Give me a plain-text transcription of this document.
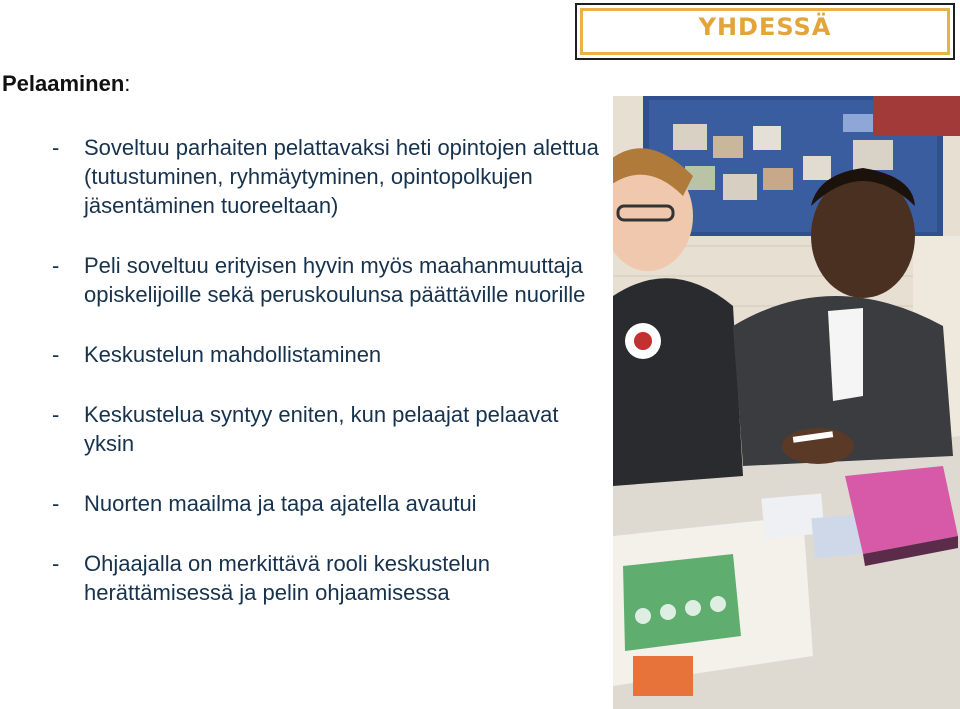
YHDESSÄ
Pelaaminen:
- Soveltuu parhaiten pelattavaksi heti opintojen alettua (tutustuminen, ryhmäytyminen, opintopolkujen jäsentäminen tuoreeltaan)
- Peli soveltuu erityisen hyvin myös maahanmuuttaja opiskelijoille sekä peruskoulunsa päättäville nuorille
- Keskustelun mahdollistaminen
- Keskustelua syntyy eniten, kun pelaajat pelaavat yksin
- Nuorten maailma ja tapa ajatella avautui
- Ohjaajalla on merkittävä rooli keskustelun herättämisessä ja pelin ohjaamisessa
